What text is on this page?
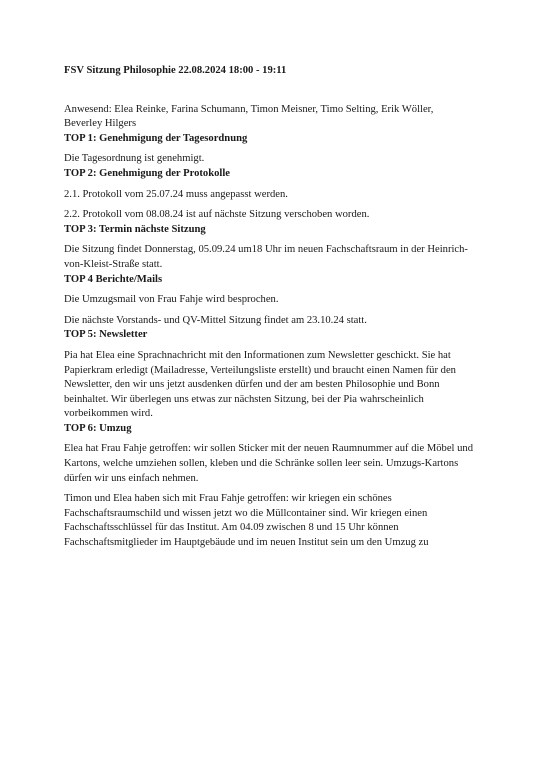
FSV Sitzung Philosophie 22.08.2024 18:00 - 19:11

Anwesend: Elea Reinke, Farina Schumann, Timon Meisner, Timo Selting, Erik Wöller, Beverley Hilgers

TOP 1: Genehmigung der Tagesordnung

Die Tagesordnung ist genehmigt.

TOP 2: Genehmigung der Protokolle

2.1. Protokoll vom 25.07.24 muss angepasst werden.

2.2. Protokoll vom 08.08.24 ist auf nächste Sitzung verschoben worden.

TOP 3: Termin nächste Sitzung

Die Sitzung findet Donnerstag, 05.09.24 um18 Uhr im neuen Fachschaftsraum in der Heinrich-von-Kleist-Straße statt.

TOP 4 Berichte/Mails

Die Umzugsmail von Frau Fahje wird besprochen.

Die nächste Vorstands- und QV-Mittel Sitzung findet am 23.10.24 statt.

TOP 5: Newsletter

Pia hat Elea eine Sprachnachricht mit den Informationen zum Newsletter geschickt. Sie hat Papierkram erledigt (Mailadresse, Verteilungsliste erstellt) und braucht einen Namen für den Newsletter, den wir uns jetzt ausdenken dürfen und der am besten Philosophie und Bonn beinhaltet. Wir überlegen uns etwas zur nächsten Sitzung, bei der Pia wahrscheinlich vorbeikommen wird.

TOP 6: Umzug

Elea hat Frau Fahje getroffen: wir sollen Sticker mit der neuen Raumnummer auf die Möbel und Kartons, welche umziehen sollen, kleben und die Schränke sollen leer sein. Umzugs-Kartons dürfen wir uns einfach nehmen.

Timon und Elea haben sich mit Frau Fahje getroffen: wir kriegen ein schönes Fachschaftsraumschild und wissen jetzt wo die Müllcontainer sind. Wir kriegen einen Fachschaftsschlüssel für das Institut. Am 04.09 zwischen 8 und 15 Uhr können Fachschaftsmitglieder im Hauptgebäude und im neuen Institut sein um den Umzug zu
